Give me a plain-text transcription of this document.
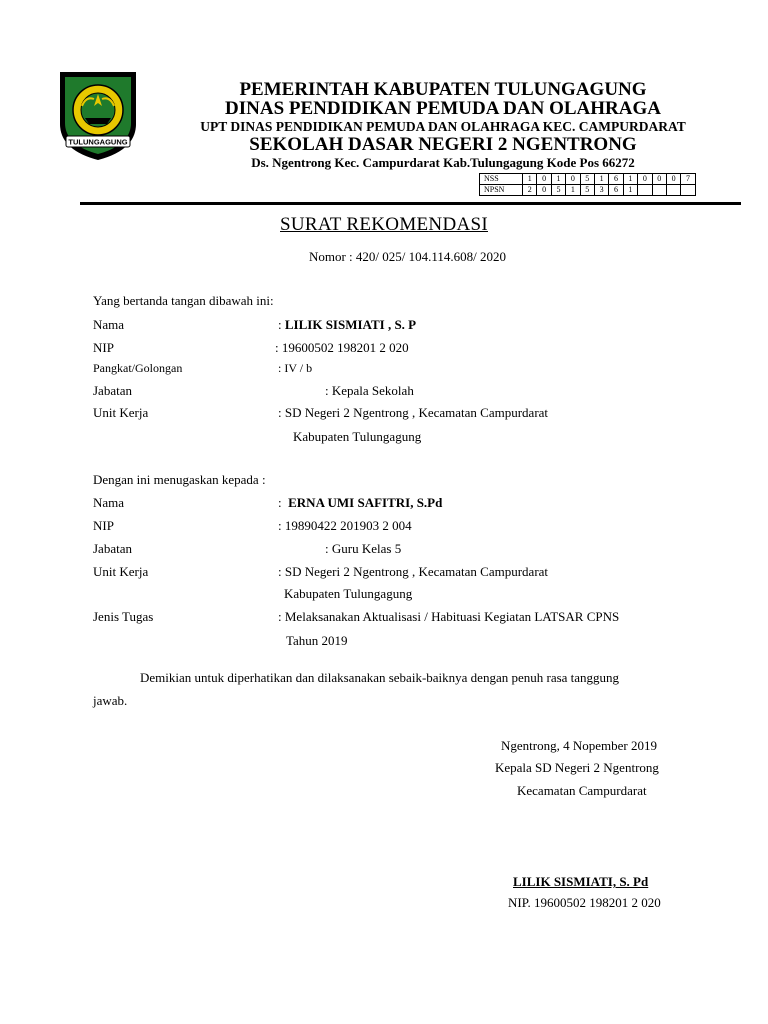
TULUNGAGUNG
PEMERINTAH KABUPATEN TULUNGAGUNG
DINAS PENDIDIKAN PEMUDA DAN OLAHRAGA
UPT DINAS PENDIDIKAN PEMUDA DAN OLAHRAGA KEC. CAMPURDARAT
SEKOLAH DASAR NEGERI 2 NGENTRONG
Ds. Ngentrong Kec. Campurdarat Kab.Tulungagung Kode Pos 66272
NSS	1	0	1	0	5	1	6	1	0	0	0	7
NPSN	2	0	5	1	5	3	6	1				
SURAT REKOMENDASI
Nomor : 420/ 025/ 104.114.608/ 2020
Yang bertanda tangan dibawah ini:
Nama	: LILIK SISMIATI , S. P
NIP	: 19600502 198201 2 020
Pangkat/Golongan	: IV / b
Jabatan	: Kepala Sekolah
Unit Kerja	: SD Negeri 2 Ngentrong , Kecamatan Campurdarat
Kabupaten Tulungagung
Dengan ini menugaskan kepada :
Nama	: ERNA UMI SAFITRI, S.Pd
NIP	: 19890422 201903 2 004
Jabatan	: Guru Kelas 5
Unit Kerja	: SD Negeri 2 Ngentrong , Kecamatan Campurdarat
Kabupaten Tulungagung
Jenis Tugas	: Melaksanakan Aktualisasi / Habituasi Kegiatan LATSAR CPNS
Tahun 2019
Demikian untuk diperhatikan dan dilaksanakan sebaik-baiknya dengan penuh rasa tanggung
jawab.
Ngentrong, 4 Nopember 2019
Kepala SD Negeri 2 Ngentrong
Kecamatan Campurdarat
LILIK SISMIATI, S. Pd
NIP. 19600502 198201 2 020
